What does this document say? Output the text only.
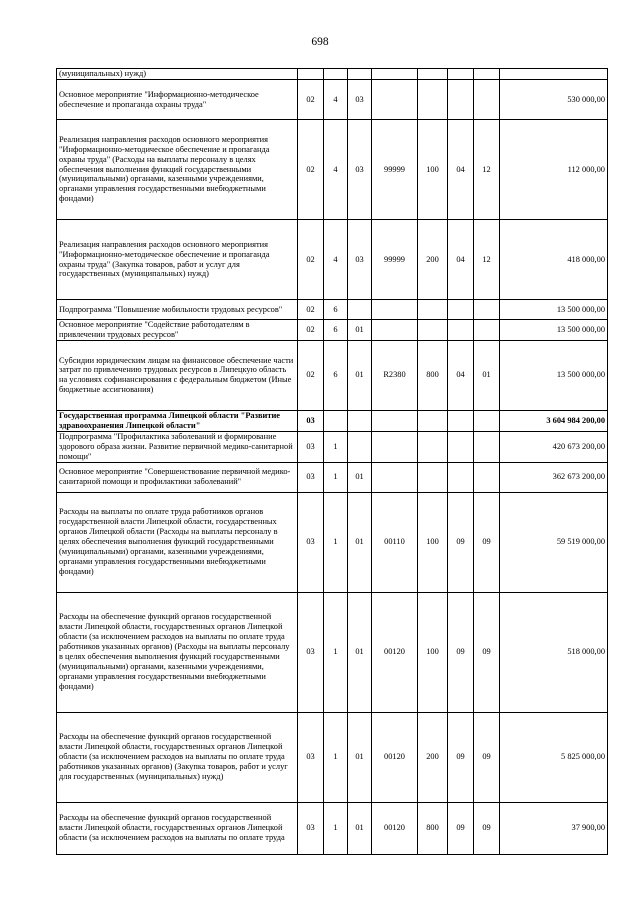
698
(муниципальных) нужд)								
Основное мероприятие "Информационно-методическое обеспечение и пропаганда охраны труда"	02	4	03					530 000,00
Реализация направления расходов основного мероприятия "Информационно-методическое обеспечение и пропаганда охраны труда" (Расходы на выплаты персоналу в целях обеспечения выполнения функций государственными (муниципальными) органами, казенными учреждениями, органами управления государственными внебюджетными фондами)	02	4	03	99999	100	04	12	112 000,00
Реализация направления расходов основного мероприятия "Информационно-методическое обеспечение и пропаганда охраны труда" (Закупка товаров, работ и услуг для государственных (муниципальных) нужд)	02	4	03	99999	200	04	12	418 000,00
Подпрограмма "Повышение мобильности трудовых ресурсов"	02	6						13 500 000,00
Основное мероприятие "Содействие работодателям в привлечении трудовых ресурсов"	02	6	01					13 500 000,00
Субсидии юридическим лицам на финансовое обеспечение части затрат по привлечению трудовых ресурсов в Липецкую область на условиях софинансирования с федеральным бюджетом (Иные бюджетные ассигнования)	02	6	01	R2380	800	04	01	13 500 000,00
Государственная программа Липецкой области "Развитие здравоохранения Липецкой области"	03							3 604 984 200,00
Подпрограмма "Профилактика заболеваний и формирование здорового образа жизни. Развитие первичной медико-санитарной помощи"	03	1						420 673 200,00
Основное мероприятие "Совершенствование первичной медико-санитарной помощи и профилактики заболеваний"	03	1	01					362 673 200,00
Расходы на выплаты по оплате труда работников органов государственной власти Липецкой области, государственных органов Липецкой области (Расходы на выплаты персоналу в целях обеспечения выполнения функций государственными (муниципальными) органами, казенными учреждениями, органами управления государственными внебюджетными фондами)	03	1	01	00110	100	09	09	59 519 000,00
Расходы на обеспечение функций органов государственной власти Липецкой области, государственных органов Липецкой области (за исключением расходов на выплаты по оплате труда работников указанных органов) (Расходы на выплаты персоналу в целях обеспечения выполнения функций государственными (муниципальными) органами, казенными учреждениями, органами управления государственными внебюджетными фондами)	03	1	01	00120	100	09	09	518 000,00
Расходы на обеспечение функций органов государственной власти Липецкой области, государственных органов Липецкой области (за исключением расходов на выплаты по оплате труда работников указанных органов) (Закупка товаров, работ и услуг для государственных (муниципальных) нужд)	03	1	01	00120	200	09	09	5 825 000,00
Расходы на обеспечение функций органов государственной власти Липецкой области, государственных органов Липецкой области (за исключением расходов на выплаты по оплате труда	03	1	01	00120	800	09	09	37 900,00
